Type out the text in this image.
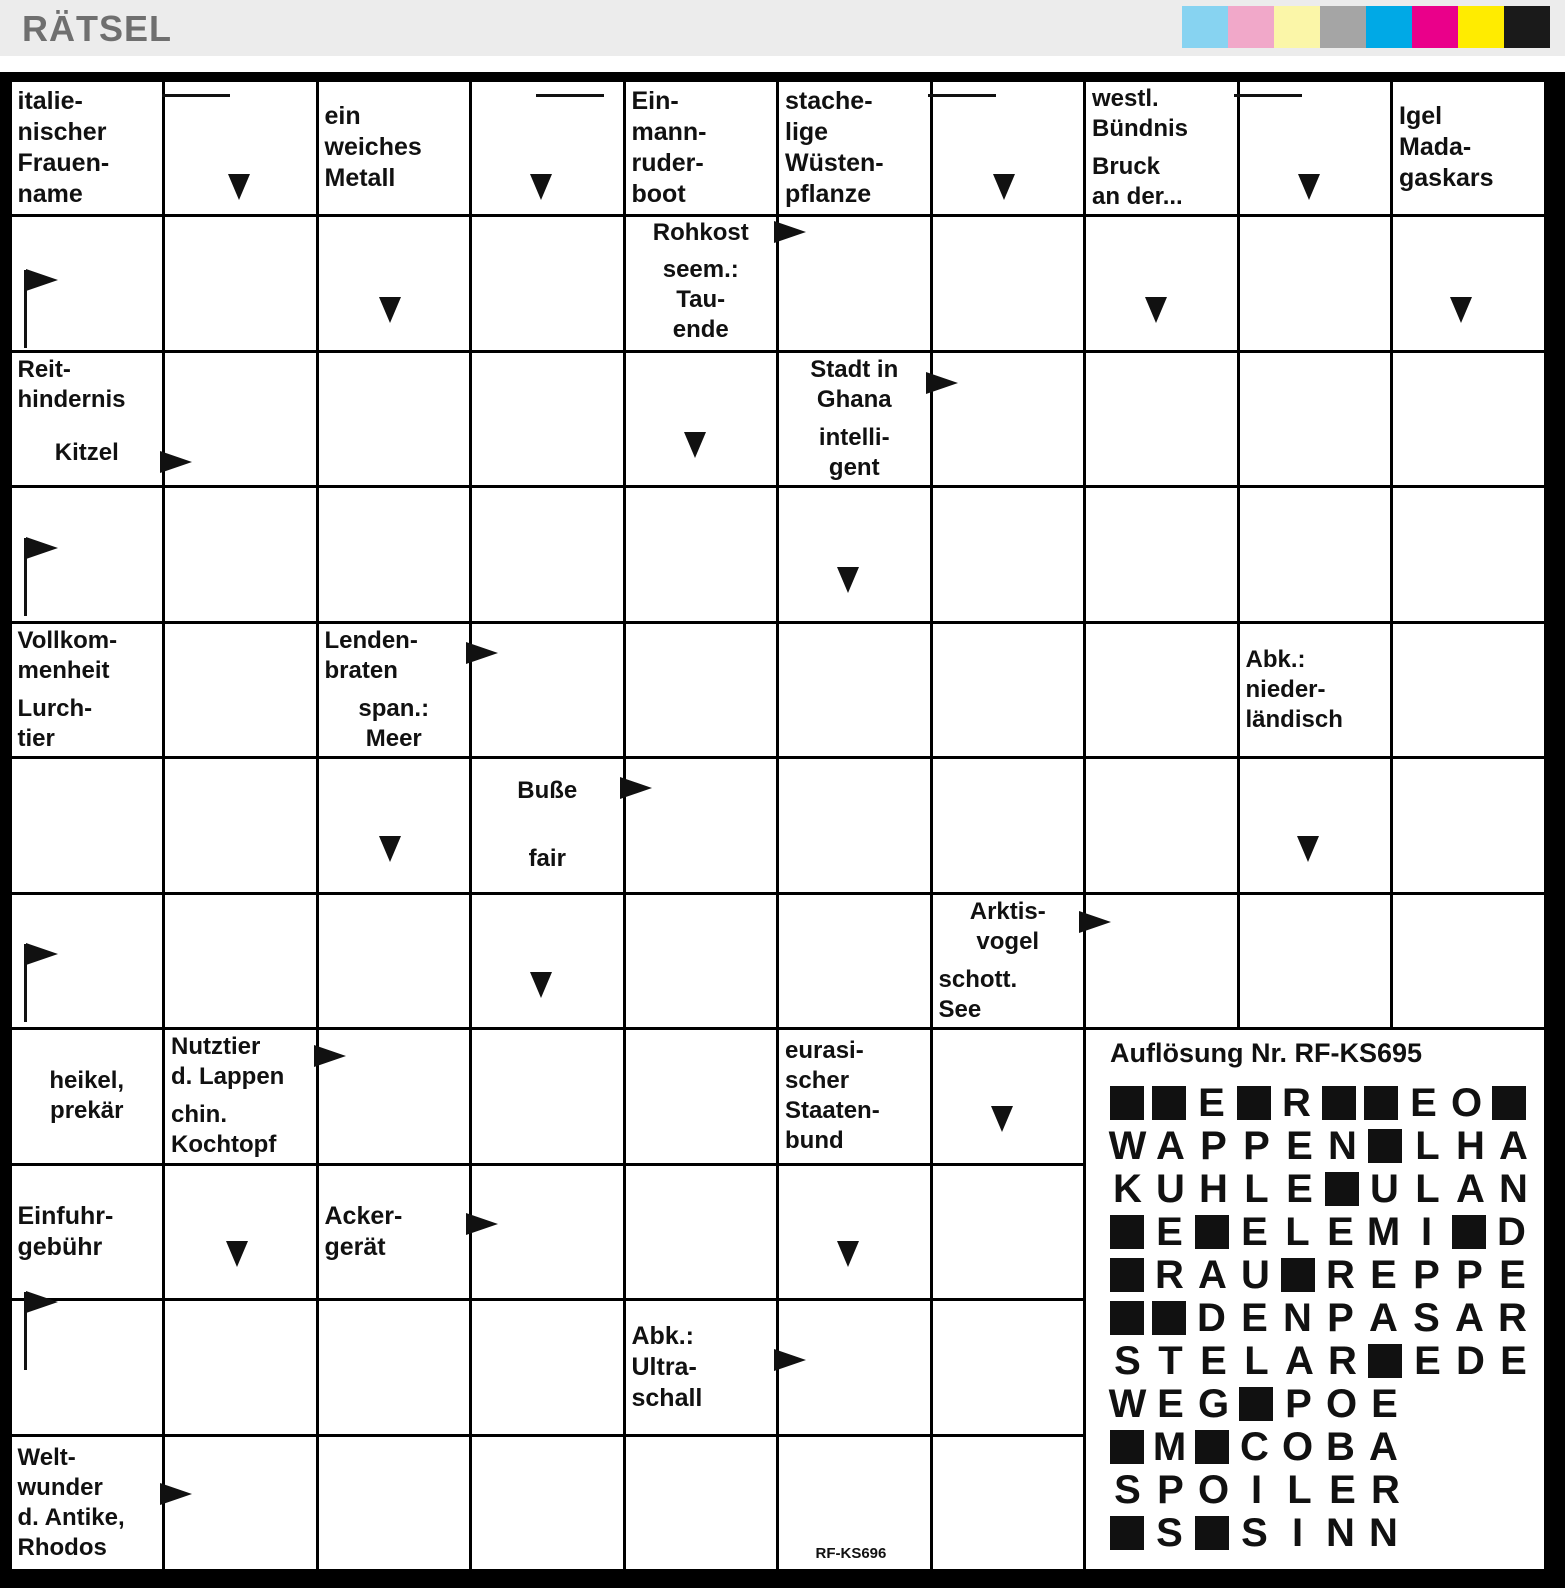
RÄTSEL
italie-
nischer
Frauen-
name
ein
weiches
Metall
Ein-
mann-
ruder-
boot
stache-
lige
Wüsten-
pflanze
westl.
Bündnis
Bruck
an der...
Igel
Mada-
gaskars
Rohkost
seem.:
Tau-
ende
Reit-
hindernis
Kitzel
Stadt in
Ghana
intelli-
gent
Vollkom-
menheit
Lurch-
tier
Lenden-
braten
span.:
Meer
Abk.:
nieder-
ländisch
Buße
fair
Arktis-
vogel
schott.
See
heikel,
prekär
Nutztier
d. Lappen
chin.
Kochtopf
eurasi-
scher
Staaten-
bund
Einfuhr-
gebühr
Acker-
gerät
Abk.:
Ultra-
schall
Welt-
wunder
d. Antike,
Rhodos
Auflösung Nr. RF-KS695
E R E O
W A P P E N L H A
K U H L E U L A N
E E L E M I	D
R A U R E P P E
D E N P A S A R
S T E L A R E D E
W E G P O E
M C O B A
S P O I L E R
S S I N N
RF-KS696
